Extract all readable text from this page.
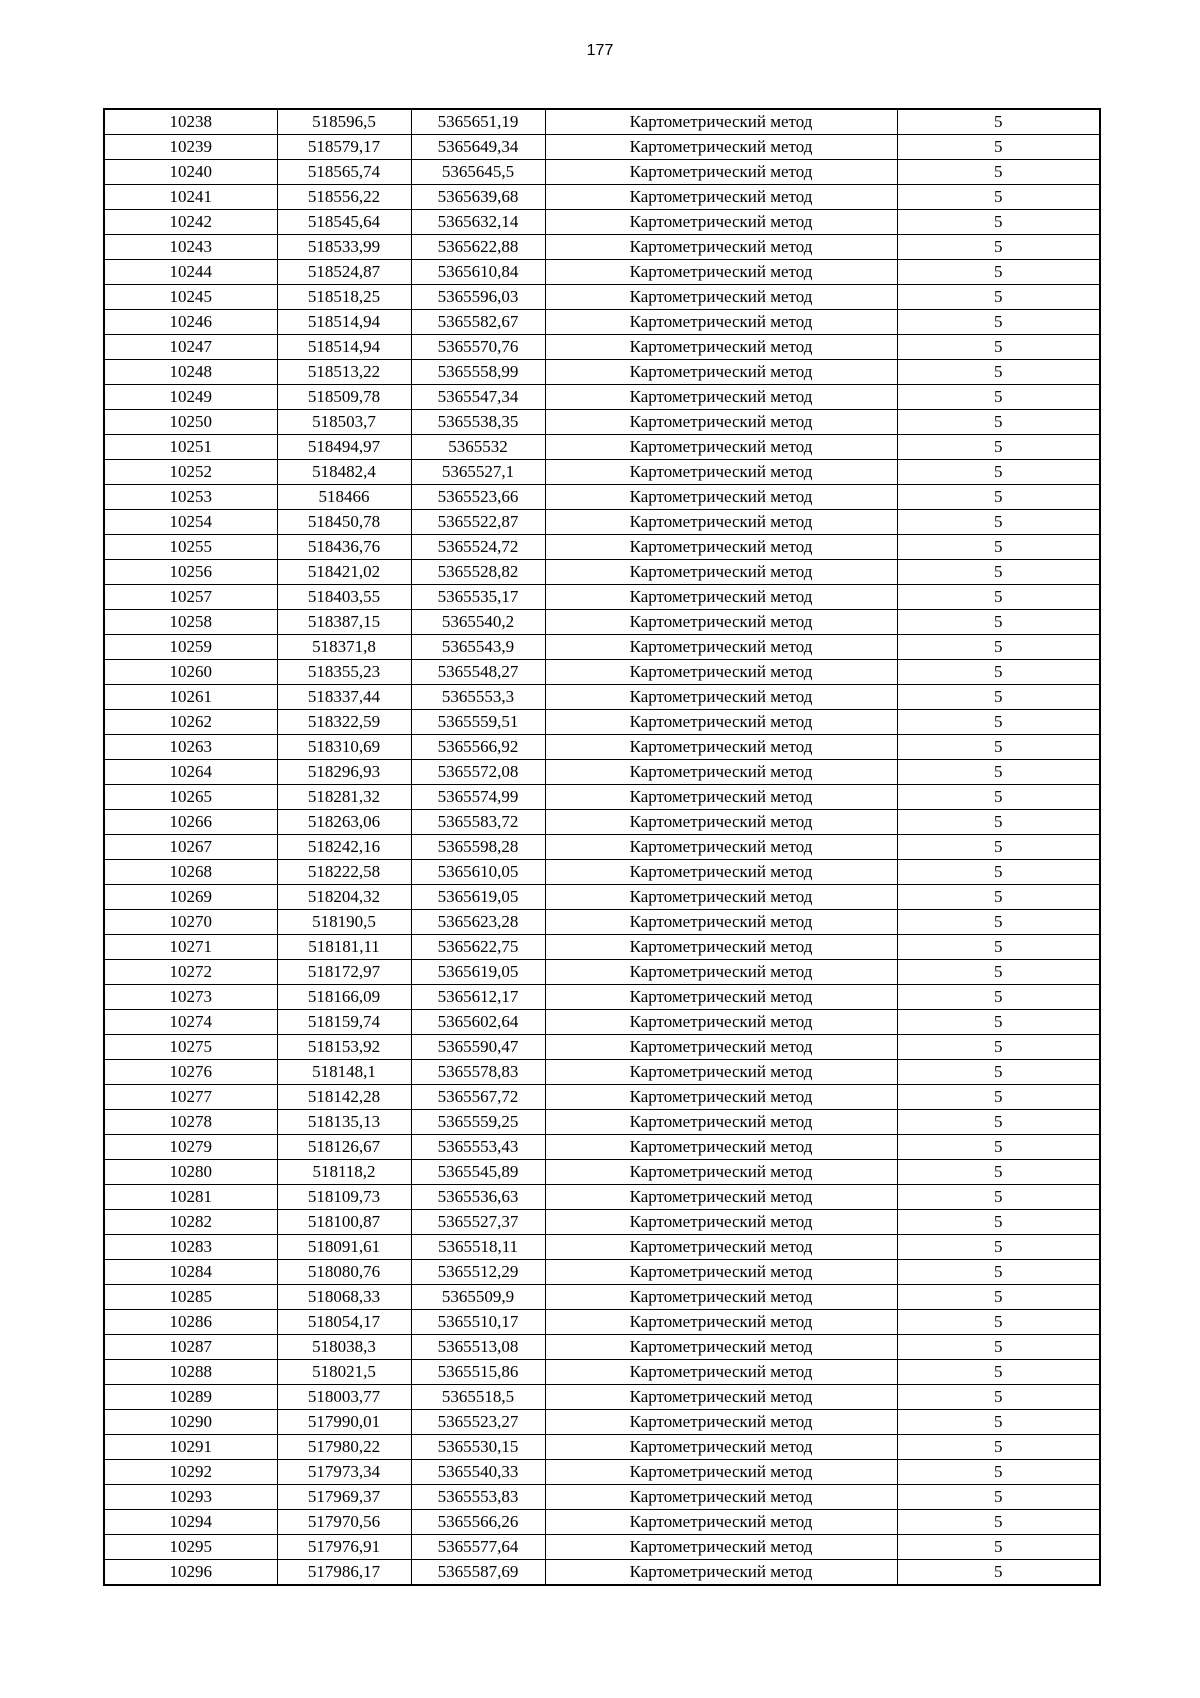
177
10238	518596,5	5365651,19	Картометрический метод	5
10239	518579,17	5365649,34	Картометрический метод	5
10240	518565,74	5365645,5	Картометрический метод	5
10241	518556,22	5365639,68	Картометрический метод	5
10242	518545,64	5365632,14	Картометрический метод	5
10243	518533,99	5365622,88	Картометрический метод	5
10244	518524,87	5365610,84	Картометрический метод	5
10245	518518,25	5365596,03	Картометрический метод	5
10246	518514,94	5365582,67	Картометрический метод	5
10247	518514,94	5365570,76	Картометрический метод	5
10248	518513,22	5365558,99	Картометрический метод	5
10249	518509,78	5365547,34	Картометрический метод	5
10250	518503,7	5365538,35	Картометрический метод	5
10251	518494,97	5365532	Картометрический метод	5
10252	518482,4	5365527,1	Картометрический метод	5
10253	518466	5365523,66	Картометрический метод	5
10254	518450,78	5365522,87	Картометрический метод	5
10255	518436,76	5365524,72	Картометрический метод	5
10256	518421,02	5365528,82	Картометрический метод	5
10257	518403,55	5365535,17	Картометрический метод	5
10258	518387,15	5365540,2	Картометрический метод	5
10259	518371,8	5365543,9	Картометрический метод	5
10260	518355,23	5365548,27	Картометрический метод	5
10261	518337,44	5365553,3	Картометрический метод	5
10262	518322,59	5365559,51	Картометрический метод	5
10263	518310,69	5365566,92	Картометрический метод	5
10264	518296,93	5365572,08	Картометрический метод	5
10265	518281,32	5365574,99	Картометрический метод	5
10266	518263,06	5365583,72	Картометрический метод	5
10267	518242,16	5365598,28	Картометрический метод	5
10268	518222,58	5365610,05	Картометрический метод	5
10269	518204,32	5365619,05	Картометрический метод	5
10270	518190,5	5365623,28	Картометрический метод	5
10271	518181,11	5365622,75	Картометрический метод	5
10272	518172,97	5365619,05	Картометрический метод	5
10273	518166,09	5365612,17	Картометрический метод	5
10274	518159,74	5365602,64	Картометрический метод	5
10275	518153,92	5365590,47	Картометрический метод	5
10276	518148,1	5365578,83	Картометрический метод	5
10277	518142,28	5365567,72	Картометрический метод	5
10278	518135,13	5365559,25	Картометрический метод	5
10279	518126,67	5365553,43	Картометрический метод	5
10280	518118,2	5365545,89	Картометрический метод	5
10281	518109,73	5365536,63	Картометрический метод	5
10282	518100,87	5365527,37	Картометрический метод	5
10283	518091,61	5365518,11	Картометрический метод	5
10284	518080,76	5365512,29	Картометрический метод	5
10285	518068,33	5365509,9	Картометрический метод	5
10286	518054,17	5365510,17	Картометрический метод	5
10287	518038,3	5365513,08	Картометрический метод	5
10288	518021,5	5365515,86	Картометрический метод	5
10289	518003,77	5365518,5	Картометрический метод	5
10290	517990,01	5365523,27	Картометрический метод	5
10291	517980,22	5365530,15	Картометрический метод	5
10292	517973,34	5365540,33	Картометрический метод	5
10293	517969,37	5365553,83	Картометрический метод	5
10294	517970,56	5365566,26	Картометрический метод	5
10295	517976,91	5365577,64	Картометрический метод	5
10296	517986,17	5365587,69	Картометрический метод	5
